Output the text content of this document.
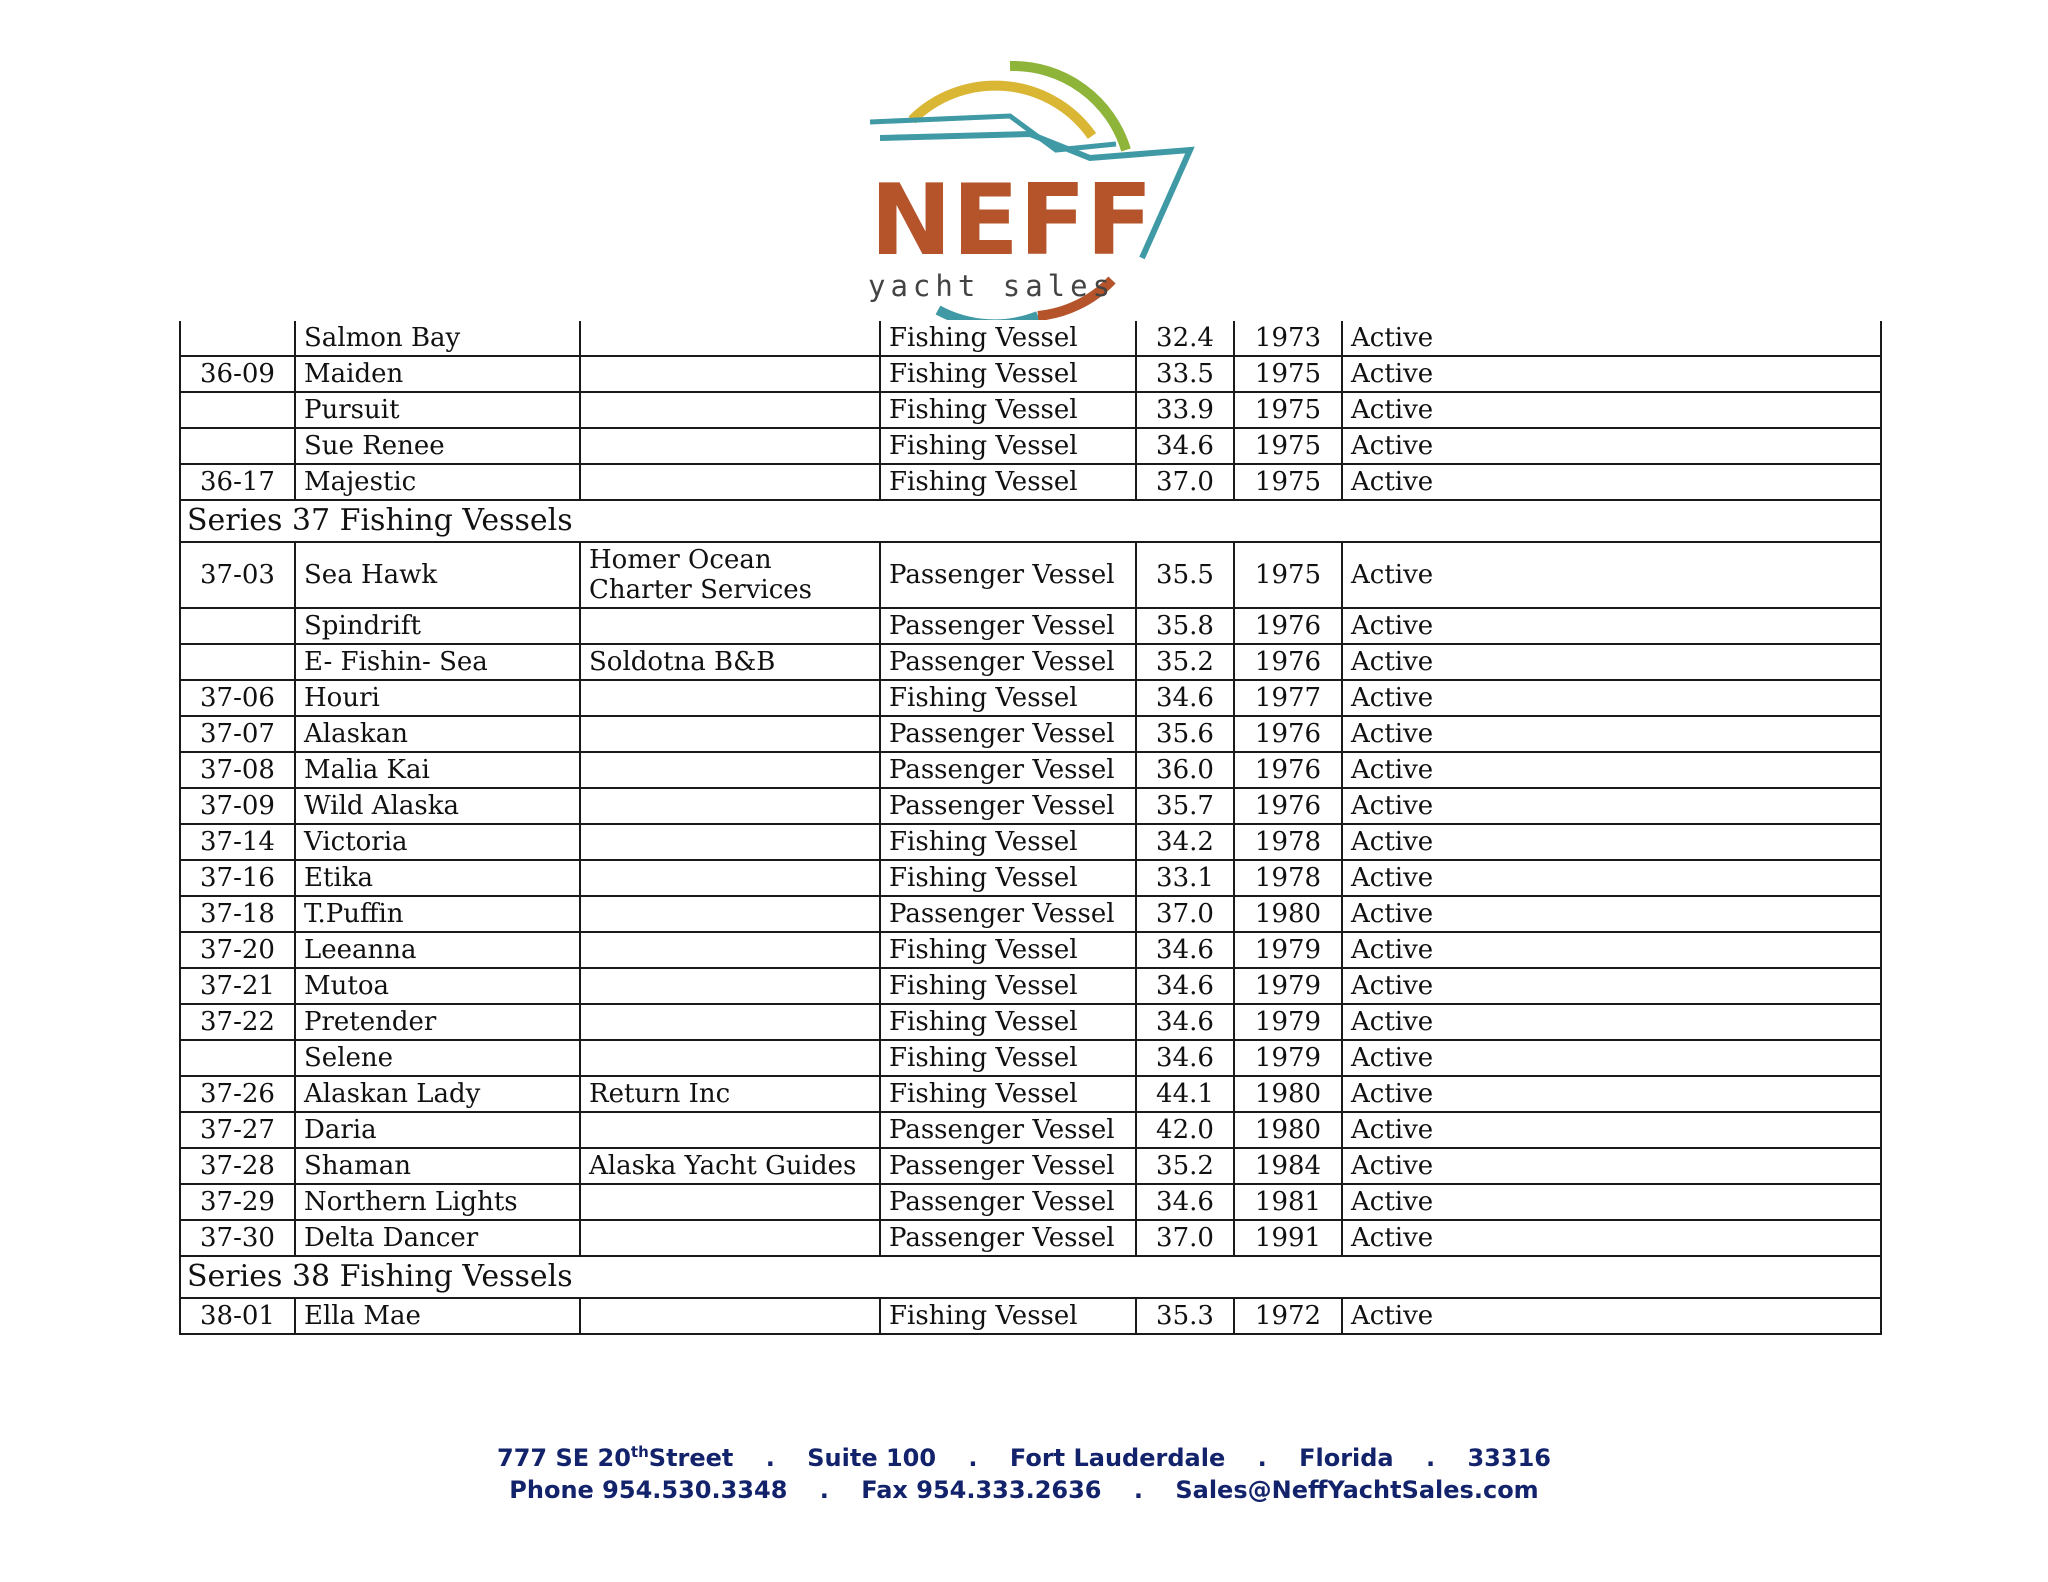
NEFF
yacht sales
	Salmon Bay		Fishing Vessel	32.4	1973	Active
36-09	Maiden		Fishing Vessel	33.5	1975	Active
	Pursuit		Fishing Vessel	33.9	1975	Active
	Sue Renee		Fishing Vessel	34.6	1975	Active
36-17	Majestic		Fishing Vessel	37.0	1975	Active
Series 37 Fishing Vessels						
37-03	Sea Hawk	Homer Ocean Charter Services	Passenger Vessel	35.5	1975	Active
	Spindrift		Passenger Vessel	35.8	1976	Active
	E- Fishin- Sea	Soldotna B&B	Passenger Vessel	35.2	1976	Active
37-06	Houri		Fishing Vessel	34.6	1977	Active
37-07	Alaskan		Passenger Vessel	35.6	1976	Active
37-08	Malia Kai		Passenger Vessel	36.0	1976	Active
37-09	Wild Alaska		Passenger Vessel	35.7	1976	Active
37-14	Victoria		Fishing Vessel	34.2	1978	Active
37-16	Etika		Fishing Vessel	33.1	1978	Active
37-18	T.Puffin		Passenger Vessel	37.0	1980	Active
37-20	Leeanna		Fishing Vessel	34.6	1979	Active
37-21	Mutoa		Fishing Vessel	34.6	1979	Active
37-22	Pretender		Fishing Vessel	34.6	1979	Active
	Selene		Fishing Vessel	34.6	1979	Active
37-26	Alaskan Lady	Return Inc	Fishing Vessel	44.1	1980	Active
37-27	Daria		Passenger Vessel	42.0	1980	Active
37-28	Shaman	Alaska Yacht Guides	Passenger Vessel	35.2	1984	Active
37-29	Northern Lights		Passenger Vessel	34.6	1981	Active
37-30	Delta Dancer		Passenger Vessel	37.0	1991	Active
Series 38 Fishing Vessels						
38-01	Ella Mae		Fishing Vessel	35.3	1972	Active
777 SE 20thStreet . Suite 100 . Fort Lauderdale . Florida . 33316
Phone 954.530.3348 . Fax 954.333.2636 . Sales@NeffYachtSales.com
